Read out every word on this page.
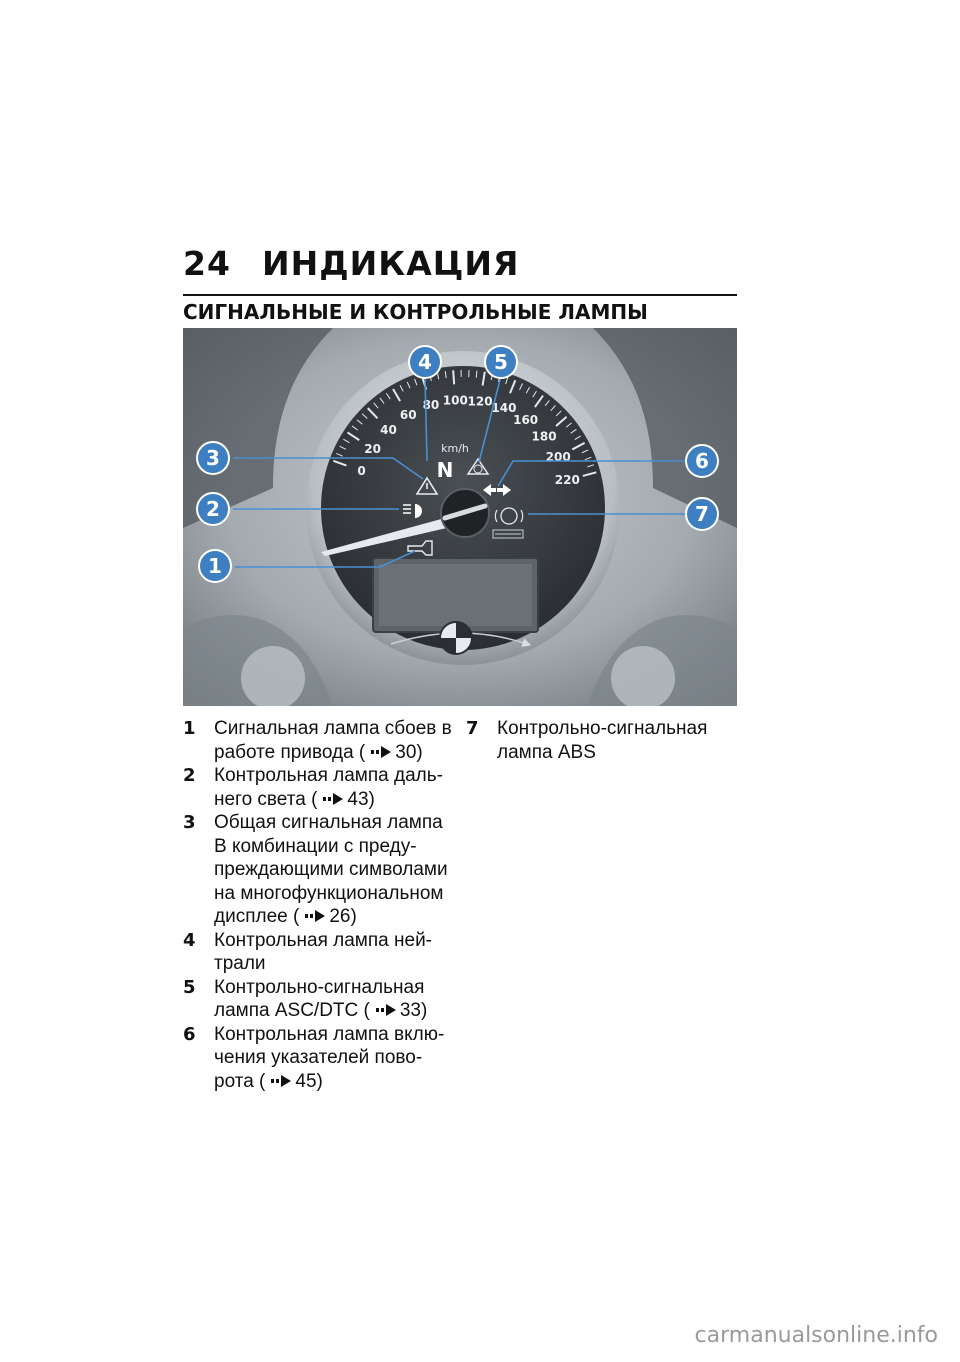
24 ИНДИКАЦИЯ
СИГНАЛЬНЫЕ И КОНТРОЛЬНЫЕ ЛАМПЫ
0
20
40
60
80 100 120
140
160
180
200
220
km/h
N
1
2
3
4	5
6
7
1 Сигнальная лампа сбоев в
работе привода ( 30)
2 Контрольная лампа даль-
него света ( 43)
3 Общая сигнальная лампа
В комбинации с преду-
преждающими символами
на многофункциональном
дисплее ( 26)
4 Контрольная лампа ней-
трали
5 Контрольно-сигнальная
лампа ASC/DTC ( 33)
6 Контрольная лампа вклю-
чения указателей пово-
рота ( 45)
7 Контрольно-сигнальная
лампа ABS
carmanualsonline.info
